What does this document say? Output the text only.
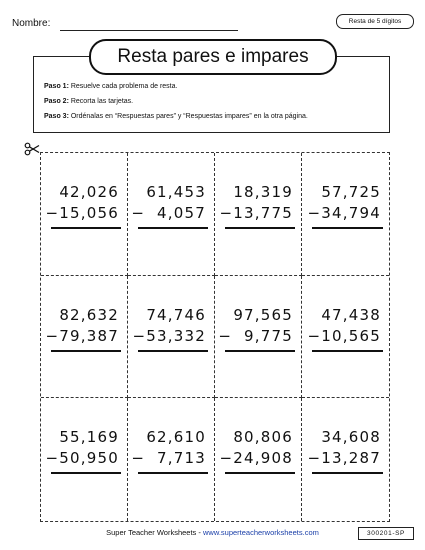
Nombre:	Resta de 5 dígitos
Resta pares e impares
Paso 1: Resuelve cada problema de resta.
Paso 2: Recorta las tarjetas.
Paso 3: Ordénalas en “Respuestas pares” y “Respuestas impares” en la otra página.
42,026
−15,056
61,453
−  4,057
18,319
−13,775
57,725
−34,794
82,632
−79,387
74,746
−53,332
97,565
−  9,775
47,438
−10,565
55,169
−50,950
62,610
−  7,713
80,806
−24,908
34,608
−13,287
Super Teacher Worksheets - www.superteacherworksheets.com	300201-SP
